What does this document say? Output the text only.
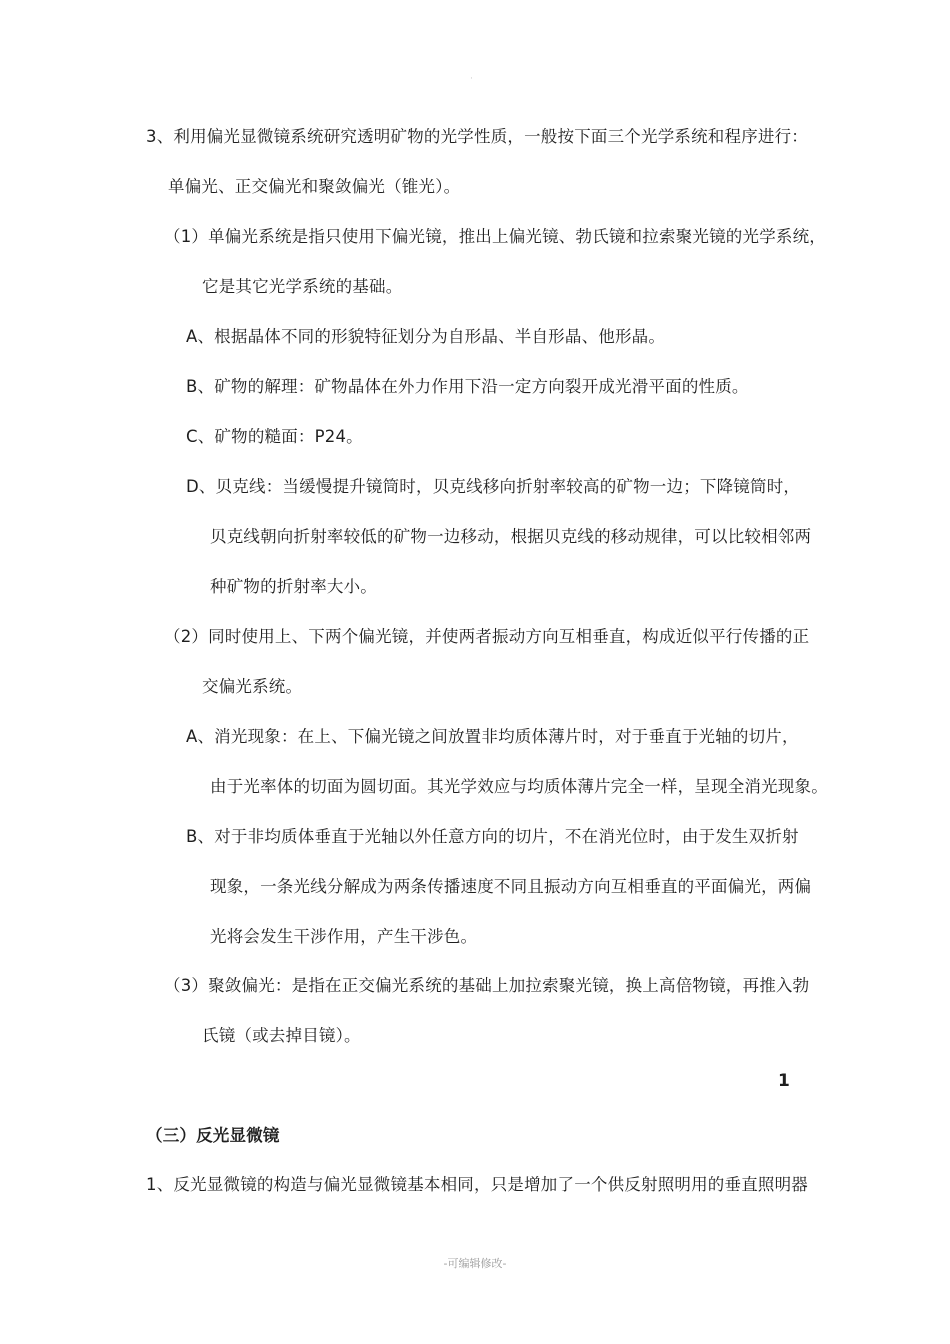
·
3、利用偏光显微镜系统研究透明矿物的光学性质，一般按下面三个光学系统和程序进行：
单偏光、正交偏光和聚敛偏光（锥光）。
（1）单偏光系统是指只使用下偏光镜，推出上偏光镜、勃氏镜和拉索聚光镜的光学系统，
它是其它光学系统的基础。
A、根据晶体不同的形貌特征划分为自形晶、半自形晶、他形晶。
B、矿物的解理：矿物晶体在外力作用下沿一定方向裂开成光滑平面的性质。
C、矿物的糙面：P24。
D、贝克线：当缓慢提升镜筒时，贝克线移向折射率较高的矿物一边；下降镜筒时，
贝克线朝向折射率较低的矿物一边移动，根据贝克线的移动规律，可以比较相邻两
种矿物的折射率大小。
（2）同时使用上、下两个偏光镜，并使两者振动方向互相垂直，构成近似平行传播的正
交偏光系统。
A、消光现象：在上、下偏光镜之间放置非均质体薄片时，对于垂直于光轴的切片，
由于光率体的切面为圆切面。其光学效应与均质体薄片完全一样，呈现全消光现象。
B、对于非均质体垂直于光轴以外任意方向的切片，不在消光位时，由于发生双折射
现象，一条光线分解成为两条传播速度不同且振动方向互相垂直的平面偏光，两偏
光将会发生干涉作用，产生干涉色。
（3）聚敛偏光：是指在正交偏光系统的基础上加拉索聚光镜，换上高倍物镜，再推入勃
氏镜（或去掉目镜）。
1
（三）反光显微镜
1、反光显微镜的构造与偏光显微镜基本相同，只是增加了一个供反射照明用的垂直照明器
-可编辑修改-
